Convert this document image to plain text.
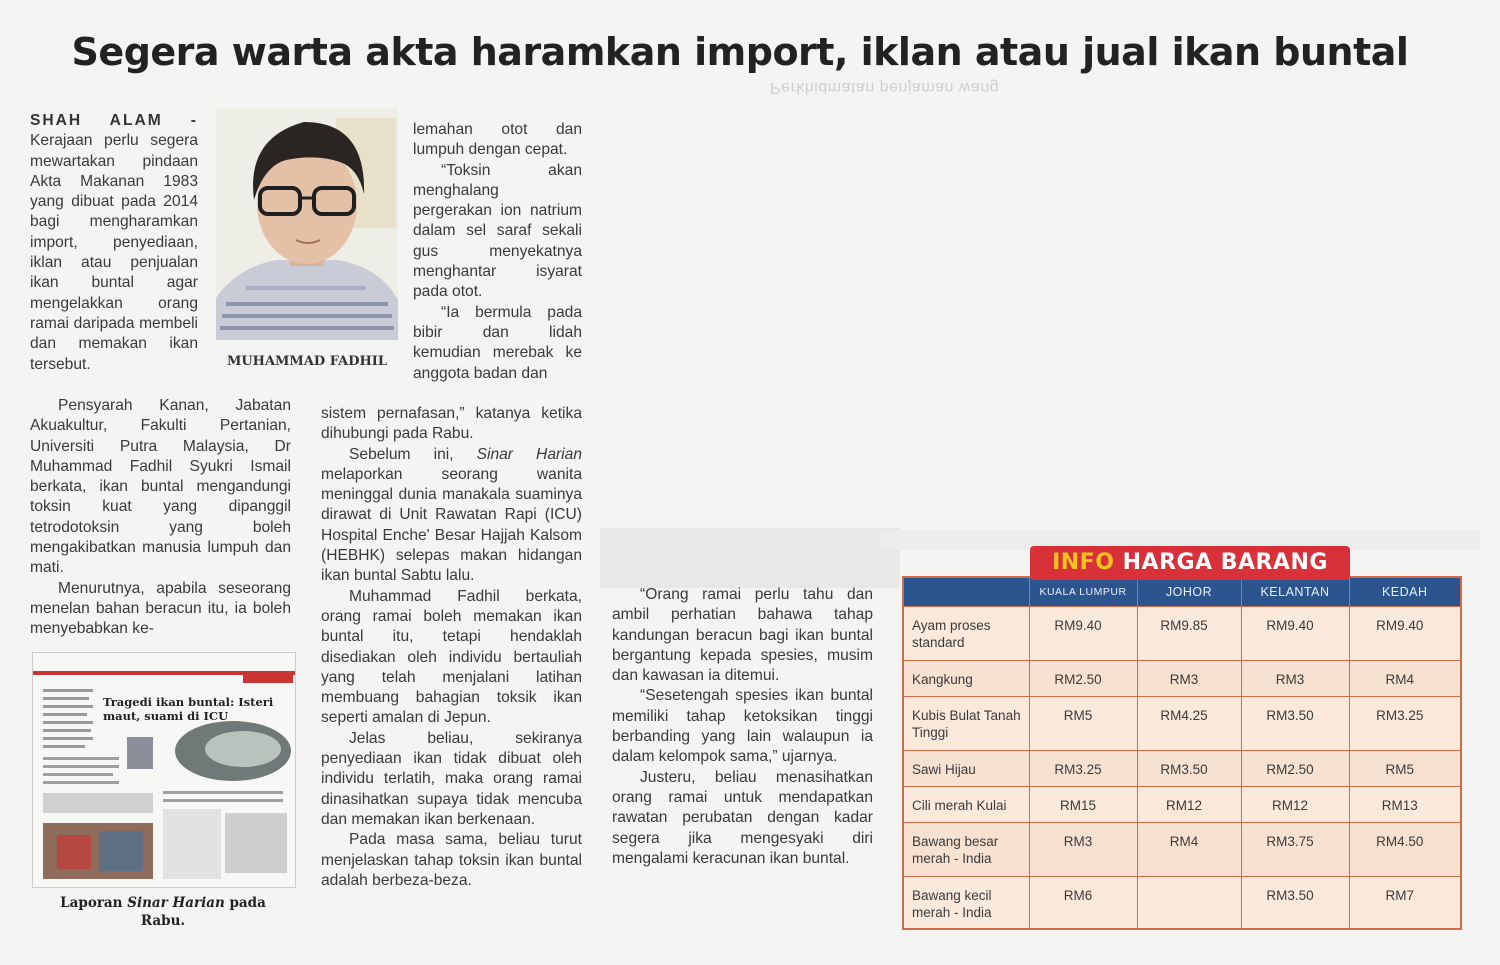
Perkhidmatan penjaman wang
Segera warta akta haramkan import, iklan atau jual ikan buntal

SHAH ALAM - Kerajaan perlu segera mewartakan pindaan Akta Makanan 1983 yang dibuat pada 2014 bagi mengharamkan import, penyediaan, iklan atau penjualan ikan buntal agar mengelakkan orang ramai daripada membeli dan memakan ikan tersebut.	MUHAMMAD FADHIL

Pensyarah Kanan, Jabatan Akuakultur, Fakulti Pertanian, Universiti Putra Malaysia, Dr Muhammad Fadhil Syukri Ismail berkata, ikan buntal mengandungi toksin kuat yang dipanggil tetrodotoksin yang boleh mengakibatkan manusia lumpuh dan mati.

Menurutnya, apabila seseorang menelan bahan beracun itu, ia boleh menyebabkan ke-

lemahan otot dan lumpuh dengan cepat.

“Toksin akan menghalang pergerakan ion natrium dalam sel saraf sekali gus menyekatnya menghantar isyarat pada otot.

“Ia bermula pada bibir dan lidah kemudian merebak ke anggota badan dan

sistem pernafasan,” katanya ketika dihubungi pada Rabu.

Sebelum ini, Sinar Harian melaporkan seorang wanita meninggal dunia manakala suaminya dirawat di Unit Rawatan Rapi (ICU) Hospital Enche' Besar Hajjah Kalsom (HEBHK) selepas makan hidangan ikan buntal Sabtu lalu.

Muhammad Fadhil berkata, orang ramai boleh memakan ikan buntal itu, tetapi hendaklah disediakan oleh individu bertauliah yang telah menjalani latihan membuang bahagian toksik ikan seperti amalan di Jepun.

Jelas beliau, sekiranya penyediaan ikan tidak dibuat oleh individu terlatih, maka orang ramai dinasihatkan supaya tidak mencuba dan memakan ikan berkenaan.

Pada masa sama, beliau turut menjelaskan tahap toksin ikan buntal adalah berbeza-beza.

“Orang ramai perlu tahu dan ambil perhatian bahawa tahap kandungan beracun bagi ikan buntal bergantung kepada spesies, musim dan kawasan ia ditemui.

“Sesetengah spesies ikan buntal memiliki tahap ketoksikan tinggi berbanding yang lain walaupun ia dalam kelompok sama,” ujarnya.

Justeru, beliau menasihatkan orang ramai untuk mendapatkan rawatan perubatan dengan kadar segera jika mengesyaki diri mengalami keracunan ikan buntal.

Tragedi ikan buntal: Isteri maut, suami di ICU
Laporan Sinar Harian pada Rabu.
	KUALA LUMPUR	JOHOR	KELANTAN	KEDAH
Ayam proses standard	RM9.40	RM9.85	RM9.40	RM9.40
Kangkung	RM2.50	RM3	RM3	RM4
Kubis Bulat Tanah Tinggi	RM5	RM4.25	RM3.50	RM3.25
Sawi Hijau	RM3.25	RM3.50	RM2.50	RM5
Cili merah Kulai	RM15	RM12	RM12	RM13
Bawang besar merah - India	RM3	RM4	RM3.75	RM4.50
Bawang kecil merah - India	RM6		RM3.50	RM7
INFO HARGA BARANG
